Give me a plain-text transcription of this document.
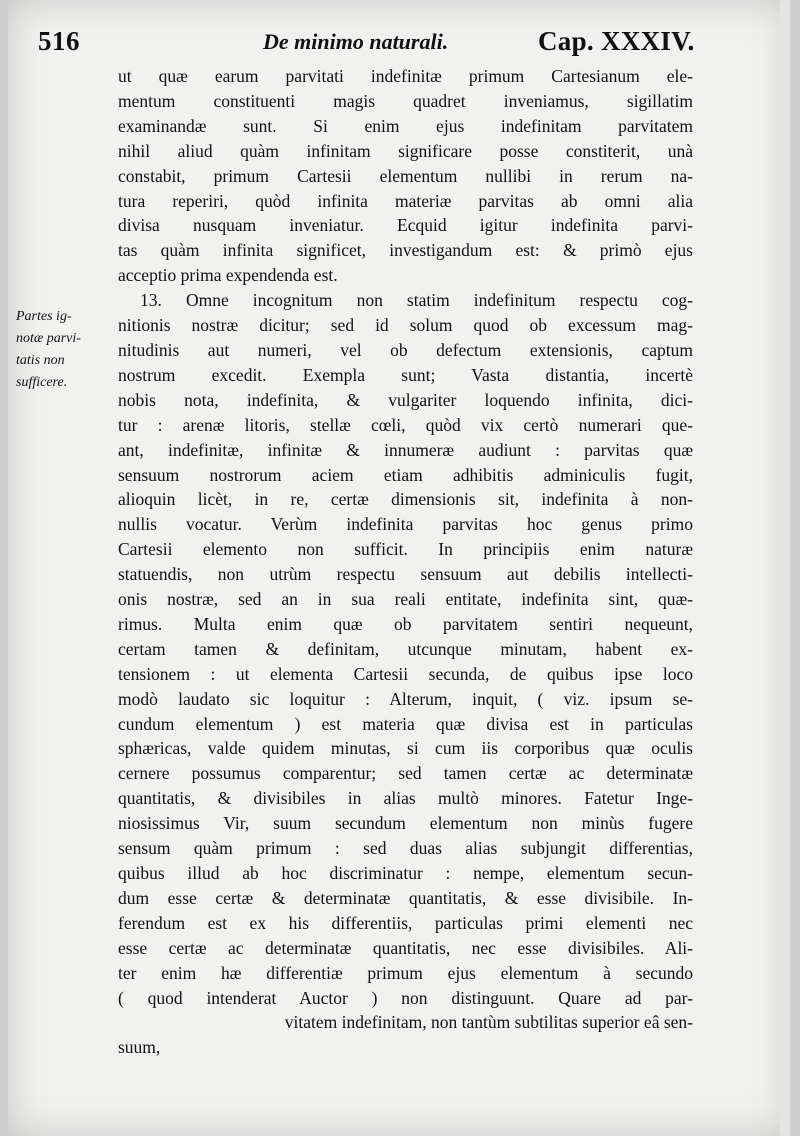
516	De minimo naturali.	Cap. XXXIV.
Partes ig-
notæ parvi-
tatis non
sufficere.
ut quæ earum parvitati indefinitæ primum Cartesianum ele-
mentum constituenti magis quadret inveniamus, sigillatim
examinandæ sunt. Si enim ejus indefinitam parvitatem
nihil aliud quàm infinitam significare posse constiterit, unà
constabit, primum Cartesii elementum nullibi in rerum na-
tura reperiri, quòd infinita materiæ parvitas ab omni alia
divisa nusquam inveniatur. Ecquid igitur indefinita parvi-
tas quàm infinita significet, investigandum est: & primò ejus
acceptio prima expendenda est.
13. Omne incognitum non statim indefinitum respectu cog-
nitionis nostræ dicitur; sed id solum quod ob excessum mag-
nitudinis aut numeri, vel ob defectum extensionis, captum
nostrum excedit. Exempla sunt; Vasta distantia, incertè
nobis nota, indefinita, & vulgariter loquendo infinita, dici-
tur : arenæ litoris, stellæ cœli, quòd vix certò numerari que-
ant, indefinitæ, infinitæ & innumeræ audiunt : parvitas quæ
sensuum nostrorum aciem etiam adhibitis adminiculis fugit,
alioquin licèt, in re, certæ dimensionis sit, indefinita à non-
nullis vocatur. Verùm indefinita parvitas hoc genus primo
Cartesii elemento non sufficit. In principiis enim naturæ
statuendis, non utrùm respectu sensuum aut debilis intellecti-
onis nostræ, sed an in sua reali entitate, indefinita sint, quæ-
rimus. Multa enim quæ ob parvitatem sentiri nequeunt,
certam tamen & definitam, utcunque minutam, habent ex-
tensionem : ut elementa Cartesii secunda, de quibus ipse loco
modò laudato sic loquitur : Alterum, inquit, ( viz. ipsum se-
cundum elementum ) est materia quæ divisa est in particulas
sphæricas, valde quidem minutas, si cum iis corporibus quæ oculis
cernere possumus comparentur; sed tamen certæ ac determinatæ
quantitatis, & divisibiles in alias multò minores. Fatetur Inge-
niosissimus Vir, suum secundum elementum non minùs fugere
sensum quàm primum : sed duas alias subjungit differentias,
quibus illud ab hoc discriminatur : nempe, elementum secun-
dum esse certæ & determinatæ quantitatis, & esse divisibile. In-
ferendum est ex his differentiis, particulas primi elementi nec
esse certæ ac determinatæ quantitatis, nec esse divisibiles. Ali-
ter enim hæ differentiæ primum ejus elementum à secundo
( quod intenderat Auctor ) non distinguunt. Quare ad par-
vitatem indefinitam, non tantùm subtilitas superior eâ sen-
suum,
